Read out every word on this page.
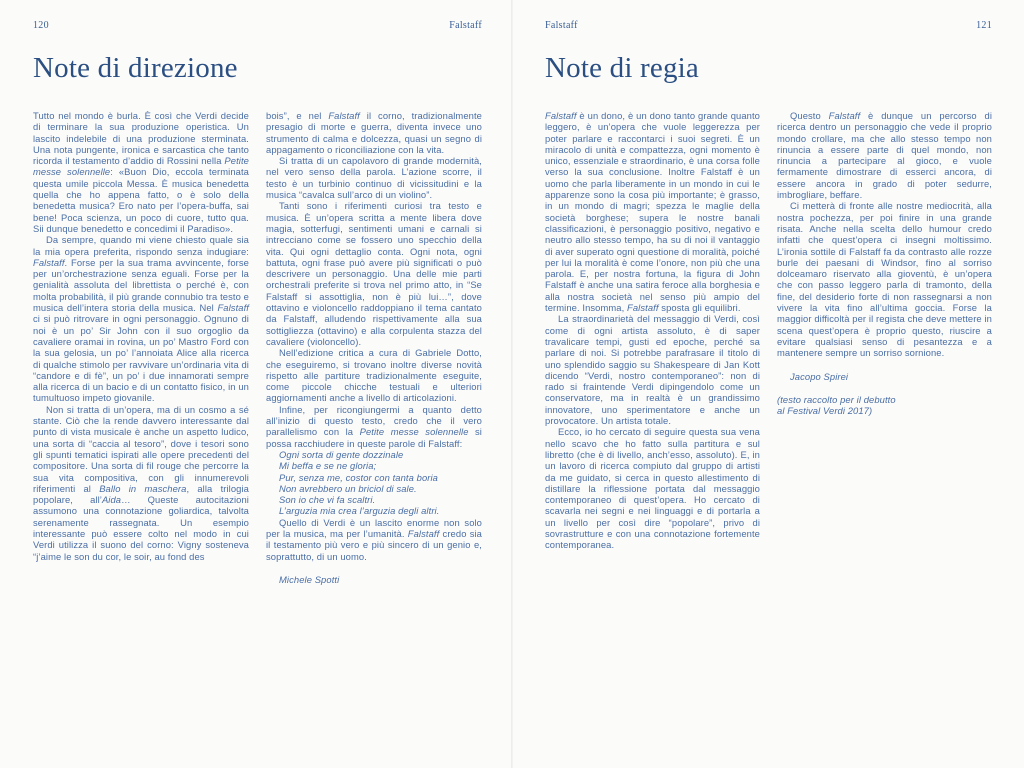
120	Falstaff
Note di direzione

Tutto nel mondo è burla. È così che Verdi decide di terminare la sua produzione operistica. Un lascito indelebile di una produzione sterminata. Una nota pungente, ironica e sarcastica che tanto ricorda il testamento d’addio di Rossini nella Petite messe solennelle: «Buon Dio, eccola terminata questa umile piccola Messa. È musica benedetta quella che ho appena fatto, o è solo della benedetta musica? Ero nato per l’opera-buffa, sai bene! Poca scienza, un poco di cuore, tutto qua. Sii dunque benedetto e concedimi il Paradiso».

Da sempre, quando mi viene chiesto quale sia la mia opera preferita, rispondo senza indugiare: Falstaff. Forse per la sua trama avvincente, forse per un’orchestrazione senza eguali. Forse per la genialità assoluta del librettista o perché è, con molta probabilità, il più grande connubio tra testo e musica dell’intera storia della musica. Nel Falstaff ci si può ritrovare in ogni personaggio. Ognuno di noi è un po’ Sir John con il suo orgoglio da cavaliere oramai in rovina, un po’ Mastro Ford con la sua gelosia, un po’ l’annoiata Alice alla ricerca di qualche stimolo per ravvivare un’ordinaria vita di “candore e di fè”, un po’ i due innamorati sempre alla ricerca di un bacio e di un contatto fisico, in un tumultuoso impeto giovanile.

Non si tratta di un’opera, ma di un cosmo a sé stante. Ciò che la rende davvero interessante dal punto di vista musicale è anche un aspetto ludico, una sorta di “caccia al tesoro”, dove i tesori sono gli spunti tematici ispirati alle opere precedenti del compositore. Una sorta di fil rouge che percorre la sua vita compositiva, con gli innumerevoli riferimenti al Ballo in maschera, alla trilogia popolare, all’Aida… Queste autocitazioni assumono una connotazione goliardica, talvolta serenamente rassegnata. Un esempio interessante può essere colto nel modo in cui Verdi utilizza il suono del corno: Vigny sosteneva “j’aime le son du cor, le soir, au fond des

bois”, e nel Falstaff il corno, tradizionalmente presagio di morte e guerra, diventa invece uno strumento di calma e dolcezza, quasi un segno di appagamento o riconciliazione con la vita.

Si tratta di un capolavoro di grande modernità, nel vero senso della parola. L’azione scorre, il testo è un turbinio continuo di vicissitudini e la musica “cavalca sull’arco di un violino”.

Tanti sono i riferimenti curiosi tra testo e musica. È un’opera scritta a mente libera dove magia, sotterfugi, sentimenti umani e carnali si intrecciano come se fossero uno specchio della vita. Qui ogni dettaglio conta. Ogni nota, ogni battuta, ogni frase può avere più significati o può descrivere un personaggio. Una delle mie parti orchestrali preferite si trova nel primo atto, in “Se Falstaff si assottiglia, non è più lui…”, dove ottavino e violoncello raddoppiano il tema cantato da Falstaff, alludendo rispettivamente alla sua sottigliezza (ottavino) e alla corpulenta stazza del cavaliere (violoncello).

Nell’edizione critica a cura di Gabriele Dotto, che eseguiremo, si trovano inoltre diverse novità rispetto alle partiture tradizionalmente eseguite, come piccole chicche testuali e ulteriori aggiornamenti anche a livello di articolazioni.

Infine, per ricongiungermi a quanto detto all’inizio di questo testo, credo che il vero parallelismo con la Petite messe solennelle si possa racchiudere in queste parole di Falstaff:

Ogni sorta di gente dozzinale

Mi beffa e se ne gloria;

Pur, senza me, costor con tanta boria

Non avrebbero un briciol di sale.

Son io che vi fa scaltri.

L’arguzia mia crea l’arguzia degli altri.

Quello di Verdi è un lascito enorme non solo per la musica, ma per l’umanità. Falstaff credo sia il testamento più vero e più sincero di un genio e, soprattutto, di un uomo.

Michele Spotti

Falstaff	121
Note di regia

Falstaff è un dono, è un dono tanto grande quanto leggero, è un’opera che vuole leggerezza per poter parlare e raccontarci i suoi segreti. È un miracolo di unità e compattezza, ogni momento è unico, essenziale e straordinario, è una corsa folle verso la sua conclusione. Inoltre Falstaff è un uomo che parla liberamente in un mondo in cui le apparenze sono la cosa più importante; è grasso, in un mondo di magri; spezza le maglie della società borghese; supera le nostre banali classificazioni, è personaggio positivo, negativo e neutro allo stesso tempo, ha su di noi il vantaggio di aver superato ogni questione di moralità, poiché per lui la moralità è come l’onore, non più che una parola. E, per nostra fortuna, la figura di John Falstaff è anche una satira feroce alla borghesia e alla nostra società nel senso più ampio del termine. Insomma, Falstaff sposta gli equilibri.

La straordinarietà del messaggio di Verdi, così come di ogni artista assoluto, è di saper travalicare tempi, gusti ed epoche, perché sa parlare di noi. Si potrebbe parafrasare il titolo di uno splendido saggio su Shakespeare di Jan Kott dicendo “Verdi, nostro contemporaneo”: non di rado si fraintende Verdi dipingendolo come un conservatore, ma in realtà è un grandissimo innovatore, uno sperimentatore e anche un provocatore. Un artista totale.

Ecco, io ho cercato di seguire questa sua vena nello scavo che ho fatto sulla partitura e sul libretto (che è di livello, anch’esso, assoluto). E, in un lavoro di ricerca compiuto dal gruppo di artisti da me guidato, si cerca in questo allestimento di distillare la riflessione portata dal messaggio contemporaneo di quest’opera. Ho cercato di scavarla nei segni e nei linguaggi e di portarla a un livello per così dire “popolare”, privo di sovrastrutture e con una connotazione fortemente contemporanea.

Questo Falstaff è dunque un percorso di ricerca dentro un personaggio che vede il proprio mondo crollare, ma che allo stesso tempo non rinuncia a essere parte di quel mondo, non rinuncia a partecipare al gioco, e vuole fermamente dimostrare di esserci ancora, di essere ancora in grado di poter sedurre, imbrogliare, beffare.

Ci metterà di fronte alle nostre mediocrità, alla nostra pochezza, per poi finire in una grande risata. Anche nella scelta dello humour credo infatti che quest’opera ci insegni moltissimo. L’ironia sottile di Falstaff fa da contrasto alle rozze burle dei paesani di Windsor, fino al sorriso dolceamaro riservato alla gioventù, è un’opera che con passo leggero parla di tramonto, della fine, del desiderio forte di non rassegnarsi a non vivere la vita fino all’ultima goccia. Forse la maggior difficoltà per il regista che deve mettere in scena quest’opera è proprio questo, riuscire a evitare qualsiasi senso di pesantezza e a mantenere sempre un sorriso sornione.

Jacopo Spirei

(testo raccolto per il debutto

al Festival Verdi 2017)
